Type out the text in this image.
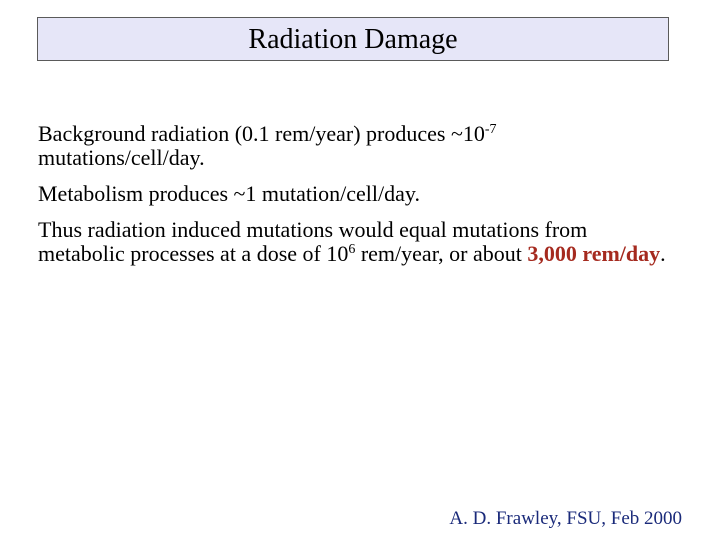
Radiation Damage

Background radiation (0.1 rem/year) produces $\sim 10^{-7}$
mutations/cell/day.

Metabolism produces ~1 mutation/cell/day.

Thus radiation induced mutations would equal mutations from metabolic processes at a dose of $10^6$ rem/year, or about 3,000 rem/day.

A. D. Frawley, FSU, Feb 2000
